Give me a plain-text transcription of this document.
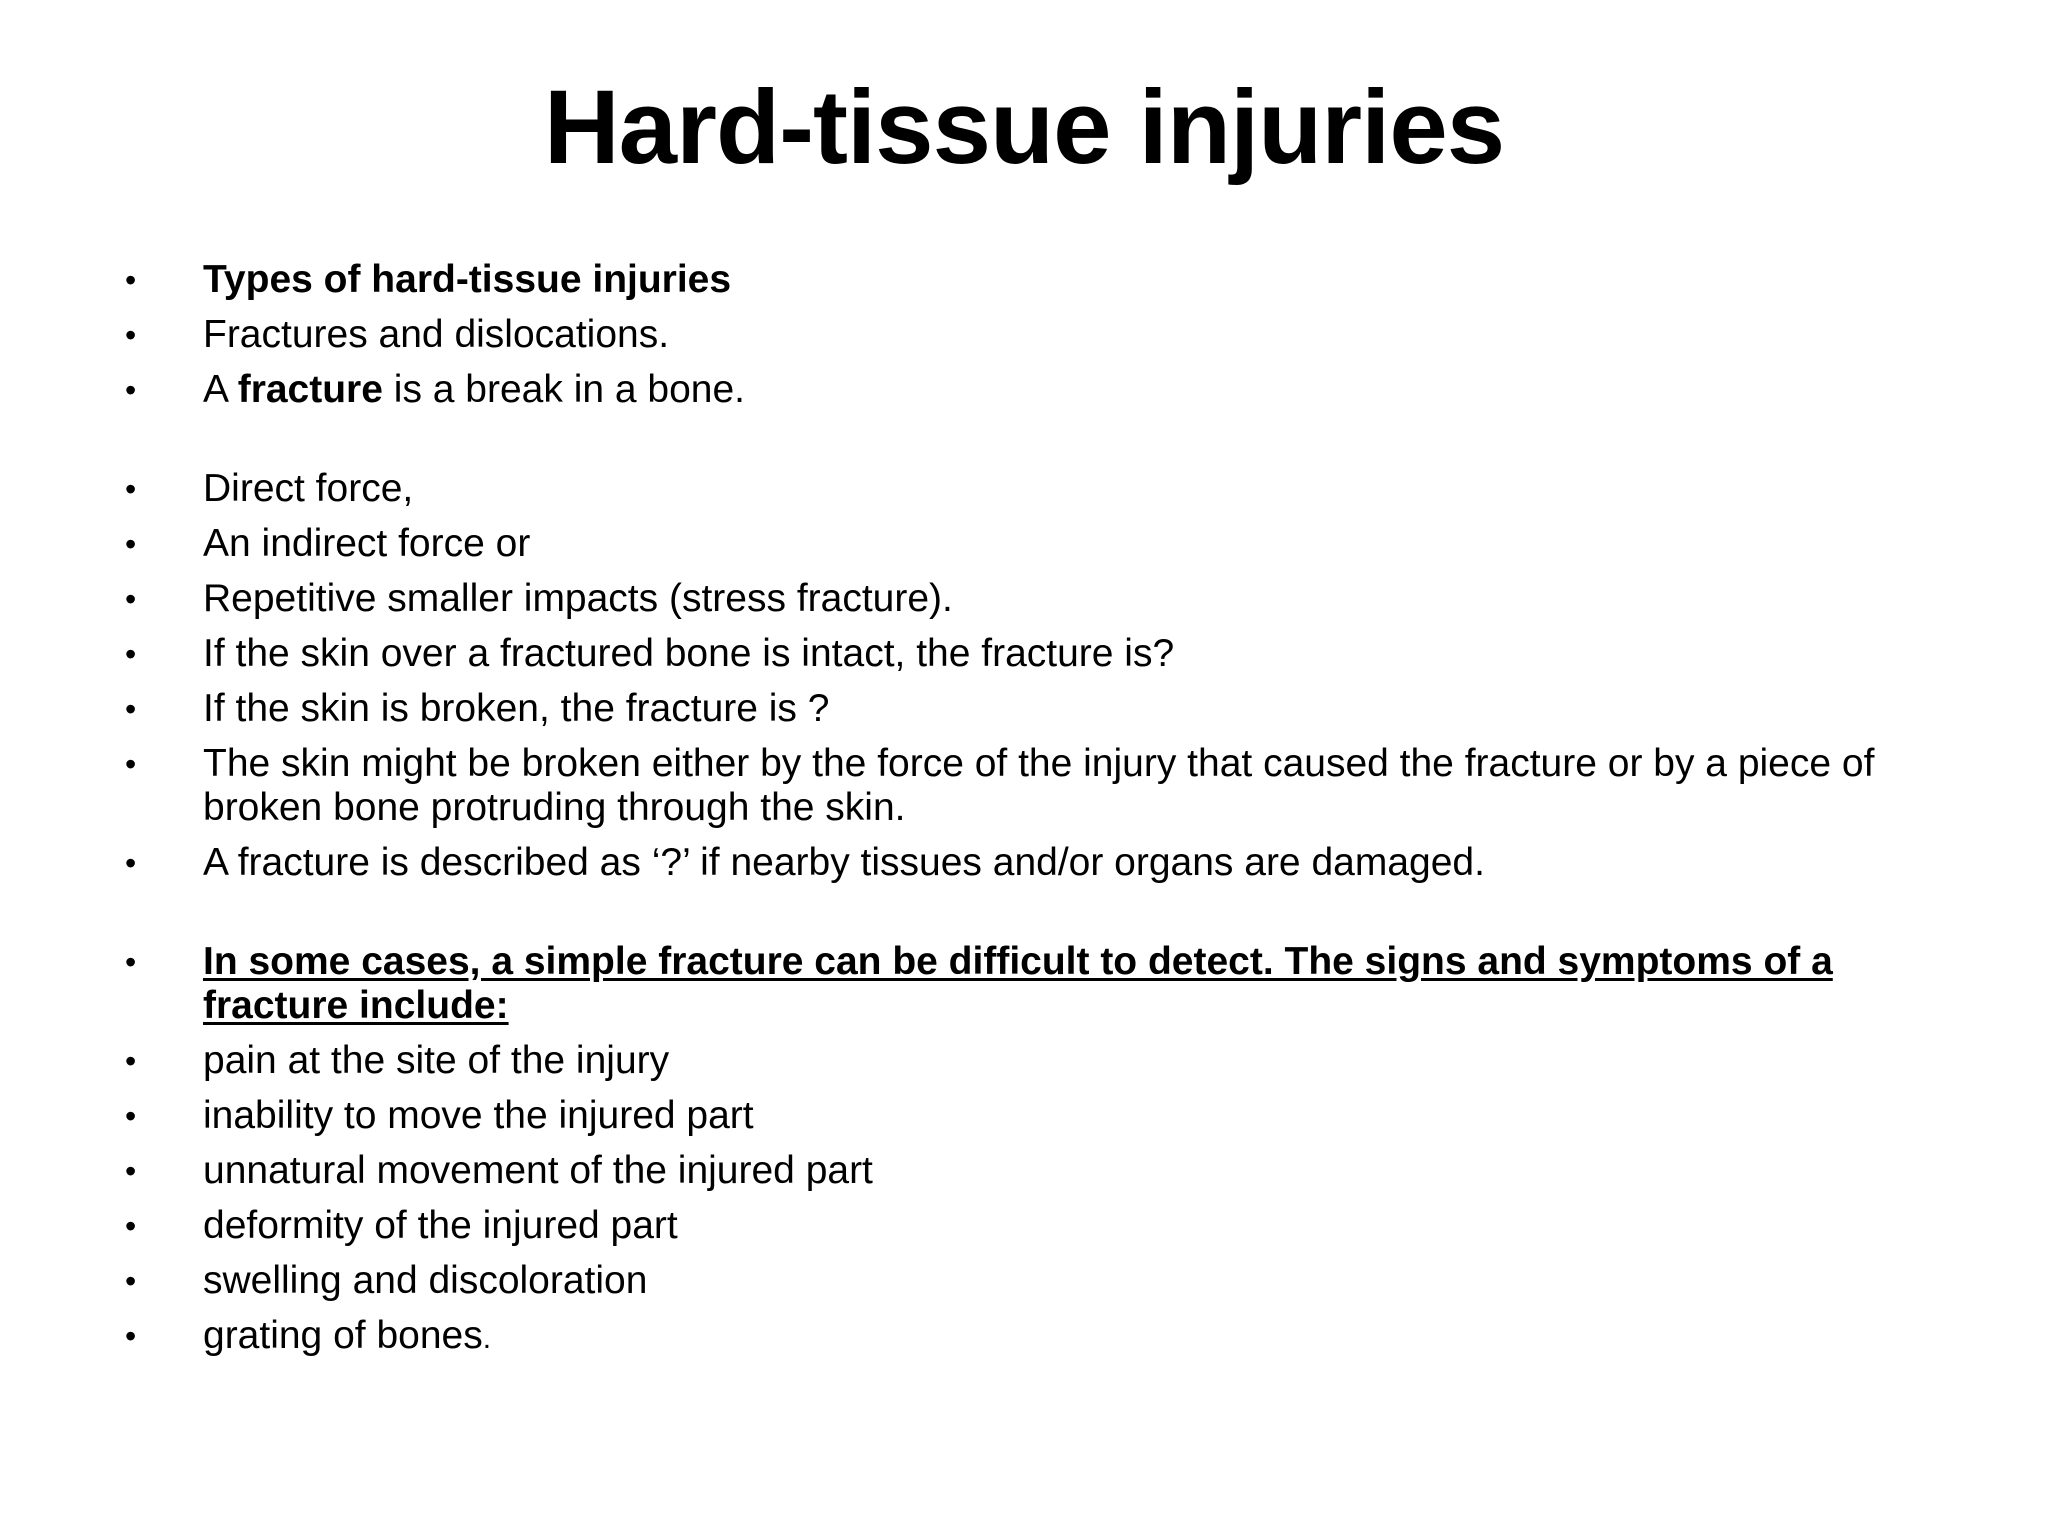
Hard-tissue injuries
• Types of hard-tissue injuries
• Fractures and dislocations.
• A fracture is a break in a bone.
• Direct force,
• An indirect force or
• Repetitive smaller impacts (stress fracture).
• If the skin over a fractured bone is intact, the fracture is?
• If the skin is broken, the fracture is ?
• The skin might be broken either by the force of the injury that caused the fracture or by a piece of broken bone protruding through the skin.
• A fracture is described as ‘?’ if nearby tissues and/or organs are damaged.
• In some cases, a simple fracture can be difficult to detect. The signs and symptoms of a fracture include:
• pain at the site of the injury
• inability to move the injured part
• unnatural movement of the injured part
• deformity of the injured part
• swelling and discoloration
• grating of bones.
